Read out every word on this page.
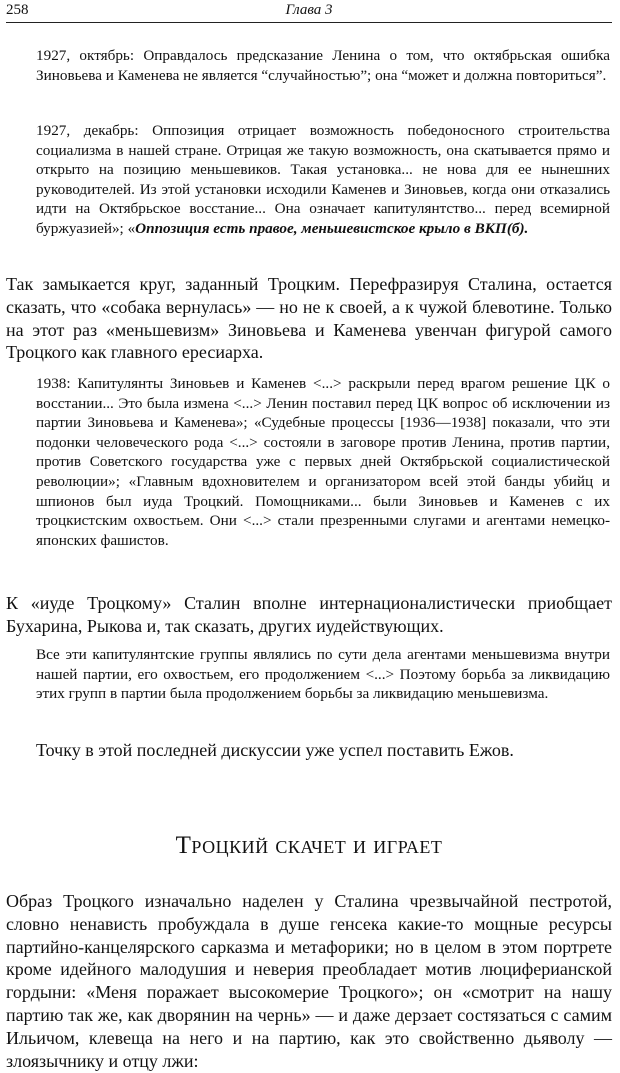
258	Глава 3
1927, октябрь: Оправдалось предсказание Ленина о том, что октябрьская ошибка Зиновьева и Каменева не является “случайностью”; она “может и должна повториться”.
1927, декабрь: Оппозиция отрицает возможность победоносного строительства социализма в нашей стране. Отрицая же такую возможность, она скатывается прямо и открыто на позицию меньшевиков. Такая установка... не нова для ее нынешних руководителей. Из этой установки исходили Каменев и Зиновьев, когда они отказались идти на Октябрьское восстание... Она означает капитулянтство... перед всемирной буржуазией»; «Оппозиция есть правое, меньшевистское крыло в ВКП(б).
Так замыкается круг, заданный Троцким. Перефразируя Сталина, остается сказать, что «собака вернулась» — но не к своей, а к чужой блевотине. Только на этот раз «меньшевизм» Зиновьева и Каменева увенчан фигурой самого Троцкого как главного ересиарха.
1938: Капитулянты Зиновьев и Каменев <...> раскрыли перед врагом решение ЦК о восстании... Это была измена <...> Ленин поставил перед ЦК вопрос об исключении из партии Зиновьева и Каменева»; «Судебные процессы [1936—1938] показали, что эти подонки человеческого рода <...> состояли в заговоре против Ленина, против партии, против Советского государства уже с первых дней Октябрьской социалистической революции»; «Главным вдохновителем и организатором всей этой банды убийц и шпионов был иуда Троцкий. Помощниками... были Зиновьев и Каменев с их троцкистским охвостьем. Они <...> стали презренными слугами и агентами немецко-японских фашистов.
К «иуде Троцкому» Сталин вполне интернационалистически приобщает Бухарина, Рыкова и, так сказать, других иудействующих.
Все эти капитулянтские группы являлись по сути дела агентами меньшевизма внутри нашей партии, его охвостьем, его продолжением <...> Поэтому борьба за ликвидацию этих групп в партии была продолжением борьбы за ликвидацию меньшевизма.
Точку в этой последней дискуссии уже успел поставить Ежов.
Троцкий скачет и играет
Образ Троцкого изначально наделен у Сталина чрезвычайной пестротой, словно ненависть пробуждала в душе генсека какие-то мощные ресурсы партийно-канцелярского сарказма и метафорики; но в целом в этом портрете кроме идейного малодушия и неверия преобладает мотив люциферианской гордыни: «Меня поражает высокомерие Троцкого»; он «смотрит на нашу партию так же, как дворянин на чернь» — и даже дерзает состязаться с самим Ильичом, клевеща на него и на партию, как это свойственно дьяволу — злоязычнику и отцу лжи:
